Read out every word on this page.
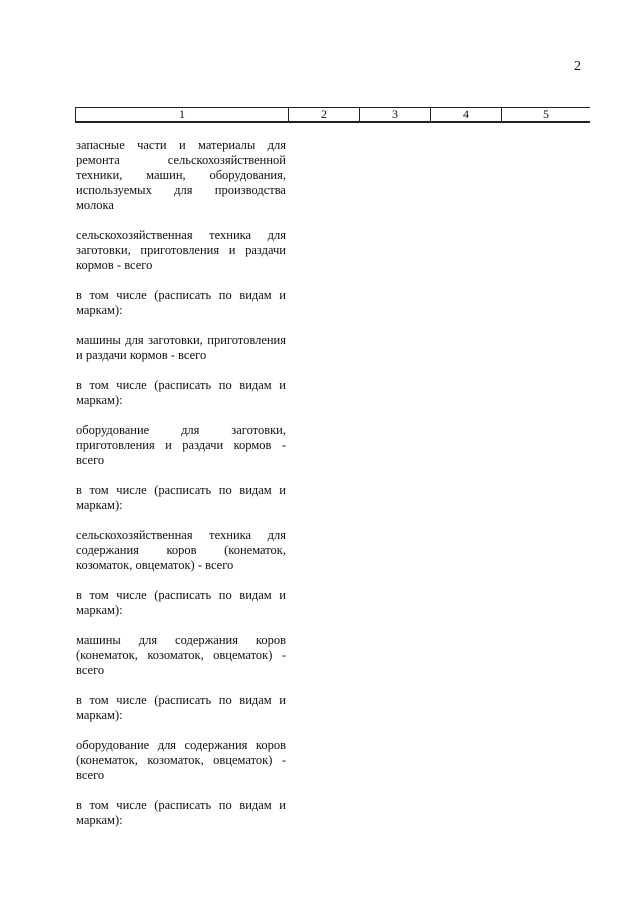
2
1	2	3	4	5

запасные части и материалы для ремонта сельскохозяйственной техники, машин, оборудования, используемых для производства молока

сельскохозяйственная техника для заготовки, приготовления и раздачи кормов - всего

в том числе (расписать по видам и маркам):

машины для заготовки, приготовления и раздачи кормов - всего

в том числе (расписать по видам и маркам):

оборудование для заготовки, приготовления и раздачи кормов - всего

в том числе (расписать по видам и маркам):

сельскохозяйственная техника для содержания коров (конематок, козоматок, овцематок) - всего

в том числе (расписать по видам и маркам):

машины для содержания коров (конематок, козоматок, овцематок) - всего

в том числе (расписать по видам и маркам):

оборудование для содержания коров (конематок, козоматок, овцематок) - всего

в том числе (расписать по видам и маркам):
